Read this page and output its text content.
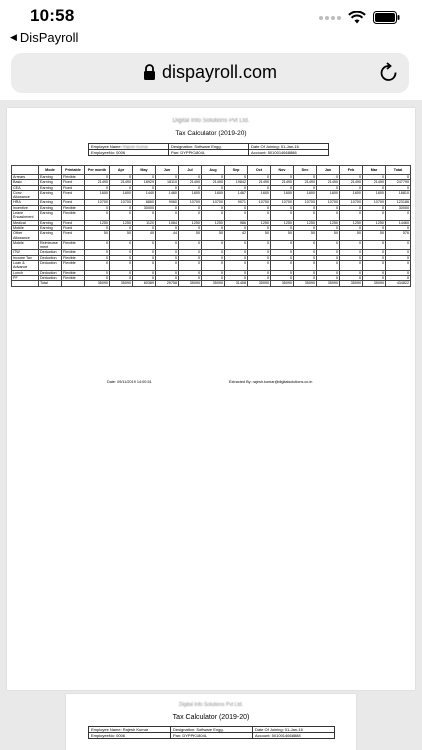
10:58
◀ DisPayroll
dispayroll.com
Digital Info Solutions Pvt Ltd.
Tax Calculator (2019-20)
Employee Name: Rajesh Kumar	Designation: Software Engg.	Date Of Joining: 01-Jan-16
EmployeeNo: 0006	Pan: DYPPK1804L	Account: 5010014668888
	Mode	Printable	Per month	Apr	May	Jun	Jul	Aug	Sep	Oct	Nov	Dec	Jan	Feb	Mar	Total
Arrears	Earning	Flexible	0	0	0	0	0	0	0	0	0	0	0	0	0	0
Basic	Earning	Fixed	21490	21490	18929	18110	21490	21490	19842	21490	21490	21490	21490	21490	21490	247790
CEA	Earning	Fixed	0	0	0	0	0	0	0	0	0	0	0	0	0	0
Conv Allowance	Earning	Fixed	1600	1600	1440	1460	1600	1600	1467	1600	1600	1600	1600	1600	1600	18810
HRA	Earning	Fixed	10700	10700	8860	9060	10700	10700	9071	10700	10700	10700	10700	10700	10700	123186
Incentive	Earning	Flexible	0	0	30000	0	0	0	0	0	0	0	0	0	0	30000
Leave Encashment	Earning	Flexible	0	0	0	0	0	0	0	0	0	0	0	0	0	0
Medical	Earning	Fixed	1250	1250	1120	1084	1250	1250	986	1250	1250	1250	1250	1250	1250	14460
Mobile	Earning	Fixed	0	0	0	0	0	0	0	0	0	0	0	0	0	0
Other Allowance	Earning	Fixed	50	50	40	44	50	50	42	50	50	50	50	50	50	576
Mobile	Reimbursement	Flexible	0	0	0	0	0	0	0	0	0	0	0	0	0	0
ITW	Deduction	Flexible	0	0	0	0	0	0	0	0	0	0	0	0	0	0
Income Tax	Deduction	Flexible	0	0	0	0	0	0	0	0	0	0	0	0	0	0
Loan & Advance	Deduction	Flexible	0	0	0	0	0	0	0	0	0	0	0	0	0	0
Lunch	Deduction	Flexible	0	0	0	0	0	0	0	0	0	0	0	0	0	0
PF	Deduction	Flexible	0	0	0	0	0	0	0	0	0	0	0	0	0	0
	Total		35090	35090	60389	29758	35090	35090	31408	35090	35090	35090	35090	35090	35090	434822
Date: 09/11/2019 14:00:51	Extracted By: rajesh.kumar@digitalsolutions.co.in
Digital Info Solutions Pvt Ltd.
Tax Calculator (2019-20)
Employee Name: Rajesh Kumar	Designation: Software Engg.	Date Of Joining: 01-Jan-16
EmployeeNo: 0006	Pan: DYPPK1804L	Account: 5010014668888
